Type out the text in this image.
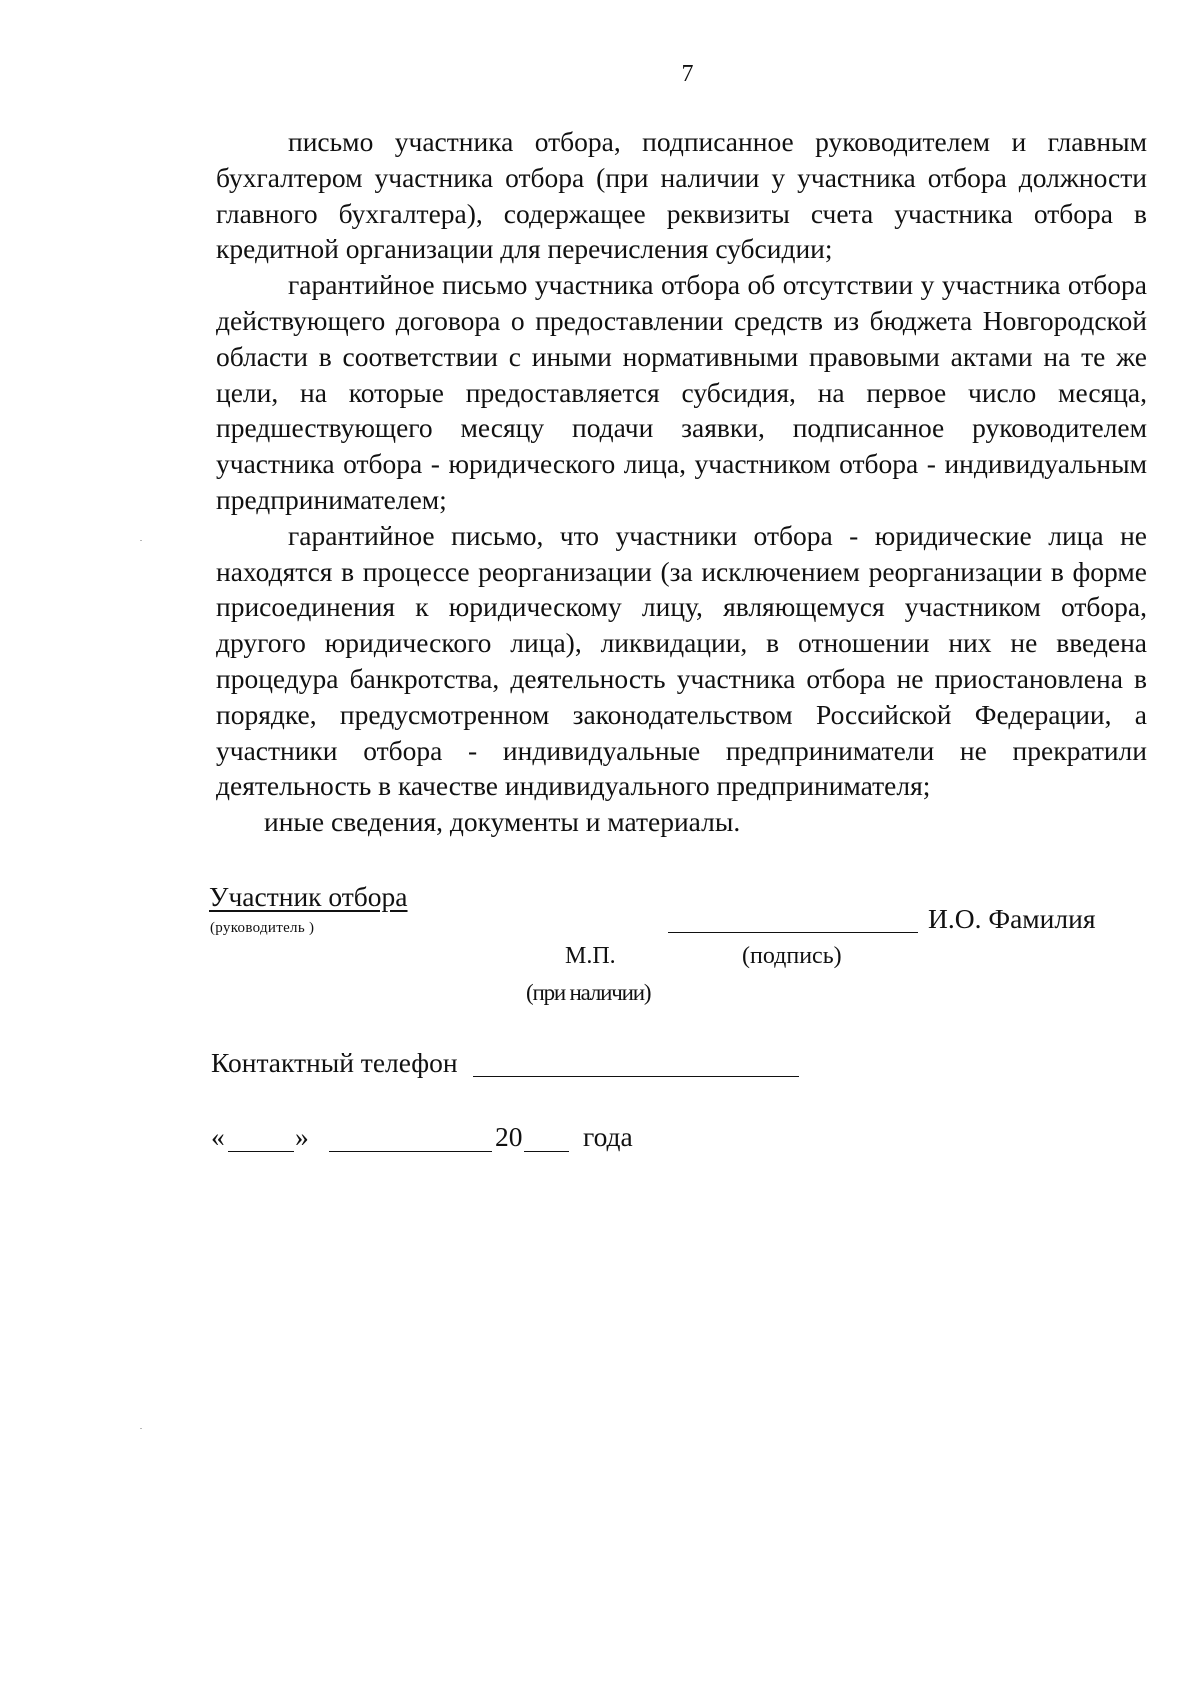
7

письмо участника отбора, подписанное руководителем и главным бухгалтером участника отбора (при наличии у участника отбора должности главного бухгалтера), содержащее реквизиты счета участника отбора в кредитной организации для перечисления субсидии;

гарантийное письмо участника отбора об отсутствии у участника отбора действующего договора о предоставлении средств из бюджета Новгородской области в соответствии с иными нормативными правовыми актами на те же цели, на которые предоставляется субсидия, на первое число месяца, предшествующего месяцу подачи заявки, подписанное руководителем участника отбора - юридического лица, участником отбора - индивидуальным предпринимателем;

гарантийное письмо, что участники отбора - юридические лица не находятся в процессе реорганизации (за исключением реорганизации в форме присоединения к юридическому лицу, являющемуся участником отбора, другого юридического лица), ликвидации, в отношении них не введена процедура банкротства, деятельность участника отбора не приостановлена в порядке, предусмотренном законодательством Российской Федерации, а участники отбора - индивидуальные предприниматели не прекратили деятельность в качестве индивидуального предпринимателя;

иные сведения, документы и материалы.

Участник отбора
(руководитель )	И.О. Фамилия
М.П.	(подпись)
(при наличии)
Контактный телефон
«	»	20 года
